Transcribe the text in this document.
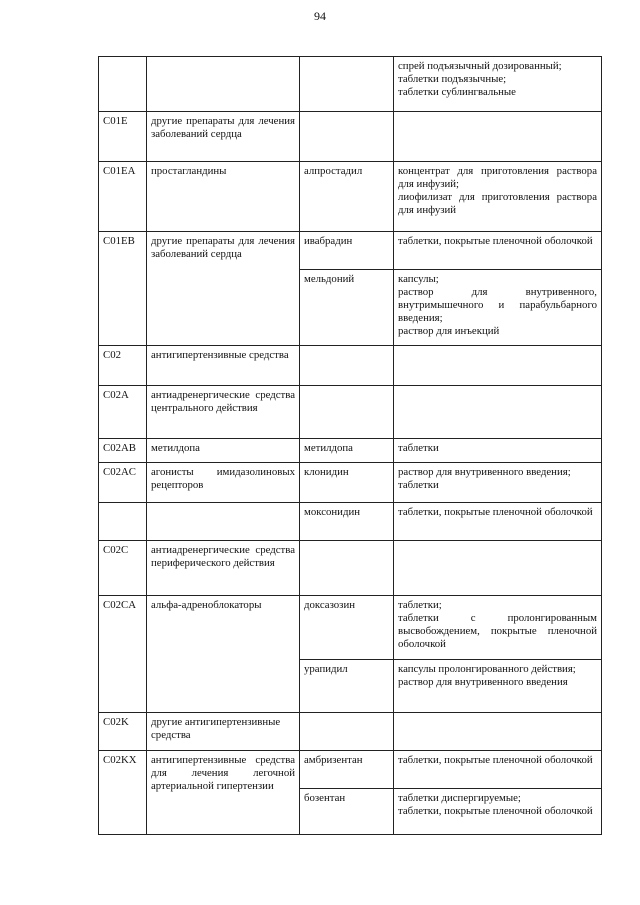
94

			спрей подъязычный дозированный;
таблетки подъязычные;
таблетки сублингвальные

C01E	другие препараты для лечения заболеваний сердца		
C01EA	простагландины	алпростадил	концентрат для приготовления раствора для инфузий;
лиофилизат для приготовления раствора для инфузий

C01EB	другие препараты для лечения заболеваний сердца	ивабрадин	таблетки, покрытые пленочной оболочкой

		мельдоний	капсулы;
раствор для внутривенного, внутримышечного и парабульбарного введения;
раствор для инъекций

C02	антигипертензивные средства		
C02A	антиадренергические средства центрального действия		
C02AB	метилдопа	метилдопа	таблетки

C02AC	агонисты имидазолиновых рецепторов	клонидин	раствор для внутривенного введения;
таблетки

		моксонидин	таблетки, покрытые пленочной оболочкой

C02C	антиадренергические средства периферического действия		
C02CA	альфа-адреноблокаторы	доксазозин	таблетки;
таблетки с пролонгированным высвобождением, покрытые пленочной оболочкой

		урапидил	капсулы пролонгированного действия;
раствор для внутривенного введения

C02K	другие антигипертензивные средства		
C02KX	антигипертензивные средства для лечения легочной артериальной гипертензии	амбризентан	таблетки, покрытые пленочной оболочкой

		бозентан	таблетки диспергируемые;
таблетки, покрытые пленочной оболочкой
